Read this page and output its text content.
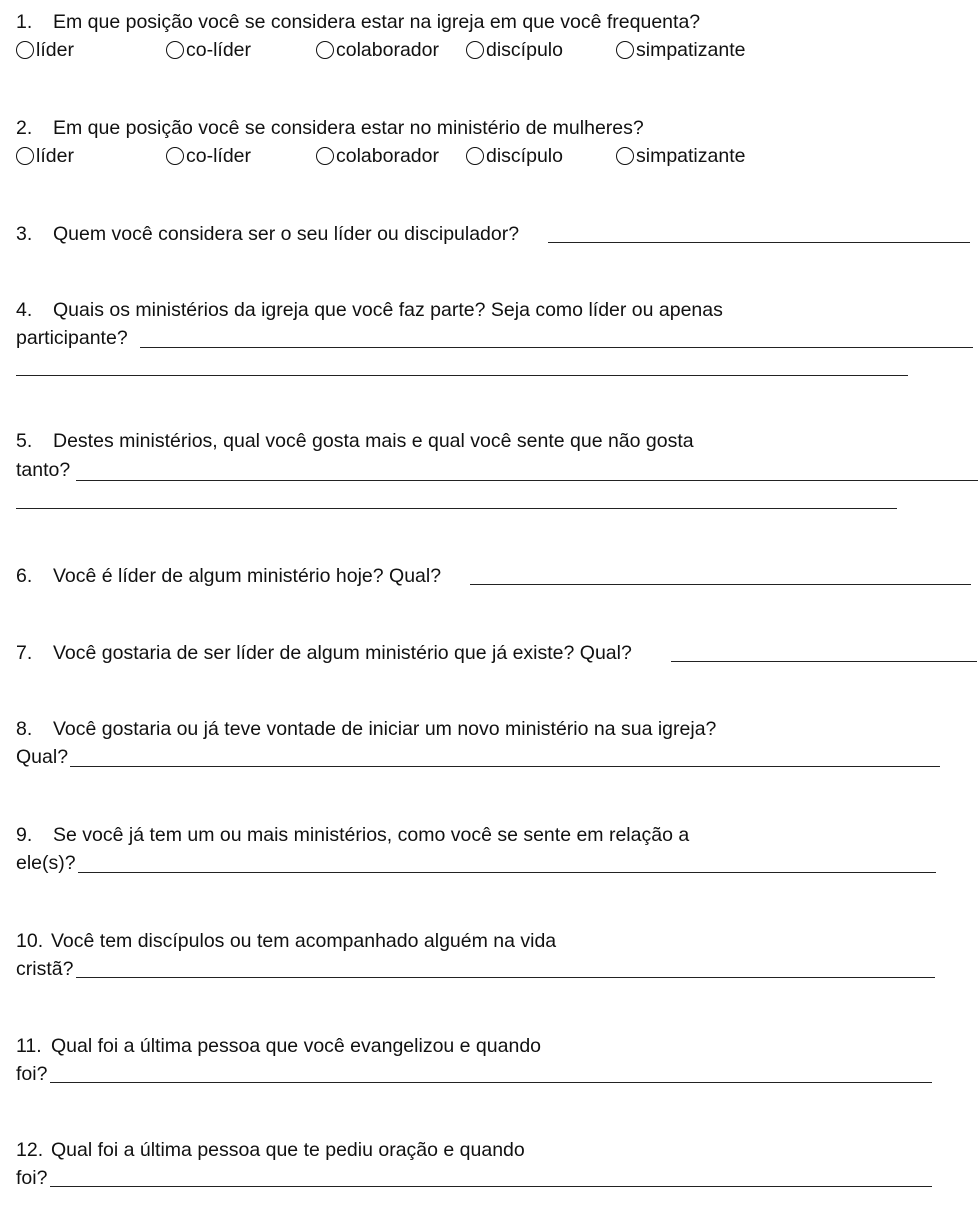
1. Em que posição você se considera estar na igreja em que você frequenta?
líder	co-líder	colaborador	discípulo	simpatizante
2. Em que posição você se considera estar no ministério de mulheres?
líder	co-líder	colaborador	discípulo	simpatizante
3. Quem você considera ser o seu líder ou discipulador?
4. Quais os ministérios da igreja que você faz parte? Seja como líder ou apenas
participante?
5. Destes ministérios, qual você gosta mais e qual você sente que não gosta
tanto?
6. Você é líder de algum ministério hoje? Qual?
7. Você gostaria de ser líder de algum ministério que já existe? Qual?
8. Você gostaria ou já teve vontade de iniciar um novo ministério na sua igreja?
Qual?
9. Se você já tem um ou mais ministérios, como você se sente em relação a
ele(s)?
10. Você tem discípulos ou tem acompanhado alguém na vida
cristã?
11. Qual foi a última pessoa que você evangelizou e quando
foi?
12. Qual foi a última pessoa que te pediu oração e quando
foi?
